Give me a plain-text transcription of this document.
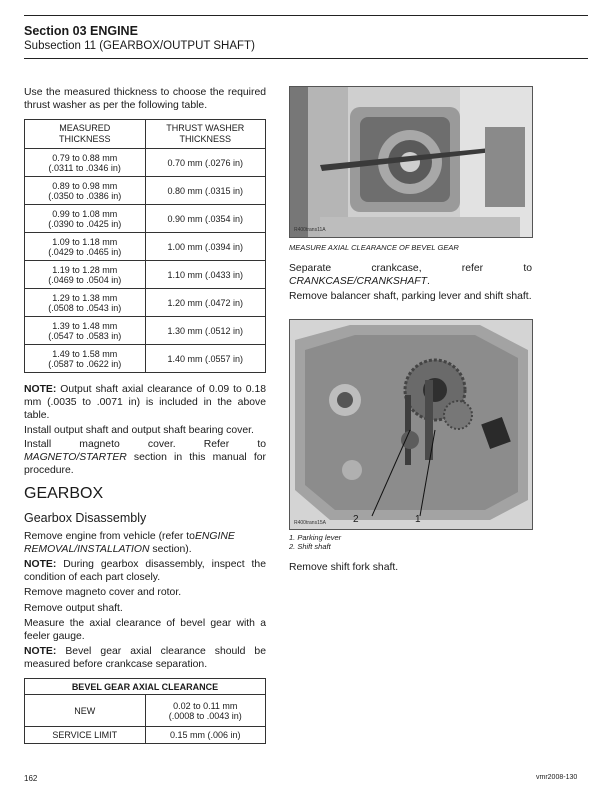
Section 03 ENGINE
Subsection 11 (GEARBOX/OUTPUT SHAFT)

Use the measured thickness to choose the required thrust washer as per the following table.

MEASURED THICKNESS	THRUST WASHER THICKNESS

0.79 to 0.88 mm
(.0311 to .0346 in)	0.70 mm (.0276 in)

0.89 to 0.98 mm
(.0350 to .0386 in)	0.80 mm (.0315 in)

0.99 to 1.08 mm
(.0390 to .0425 in)	0.90 mm (.0354 in)

1.09 to 1.18 mm
(.0429 to .0465 in)	1.00 mm (.0394 in)

1.19 to 1.28 mm
(.0469 to .0504 in)	1.10 mm (.0433 in)

1.29 to 1.38 mm
(.0508 to .0543 in)	1.20 mm (.0472 in)

1.39 to 1.48 mm
(.0547 to .0583 in)	1.30 mm (.0512 in)

1.49 to 1.58 mm
(.0587 to .0622 in)	1.40 mm (.0557 in)

NOTE: Output shaft axial clearance of 0.09 to 0.18 mm (.0035 to .0071 in) is included in the above table.

Install output shaft and output shaft bearing cover.

Install magneto cover. Refer to MAGNETO/STARTER section in this manual for procedure.

GEARBOX
Gearbox Disassembly

Remove engine from vehicle (refer toENGINE REMOVAL/INSTALLATION section).

NOTE: During gearbox disassembly, inspect the condition of each part closely.

Remove magneto cover and rotor.

Remove output shaft.

Measure the axial clearance of bevel gear with a feeler gauge.

NOTE: Bevel gear axial clearance should be measured before crankcase separation.

BEVEL GEAR AXIAL CLEARANCE	
NEW	0.02 to 0.11 mm
(.0008 to .0043 in)

SERVICE LIMIT	0.15 mm (.006 in)
R400trans11A
MEASURE AXIAL CLEARANCE OF BEVEL GEAR

Separate crankcase, refer to CRANKCASE/CRANKSHAFT.

Remove balancer shaft, parking lever and shift shaft.

R400trans15A	2	1
1. Parking lever
2. Shift shaft

Remove shift fork shaft.

162	vmr2008-130
